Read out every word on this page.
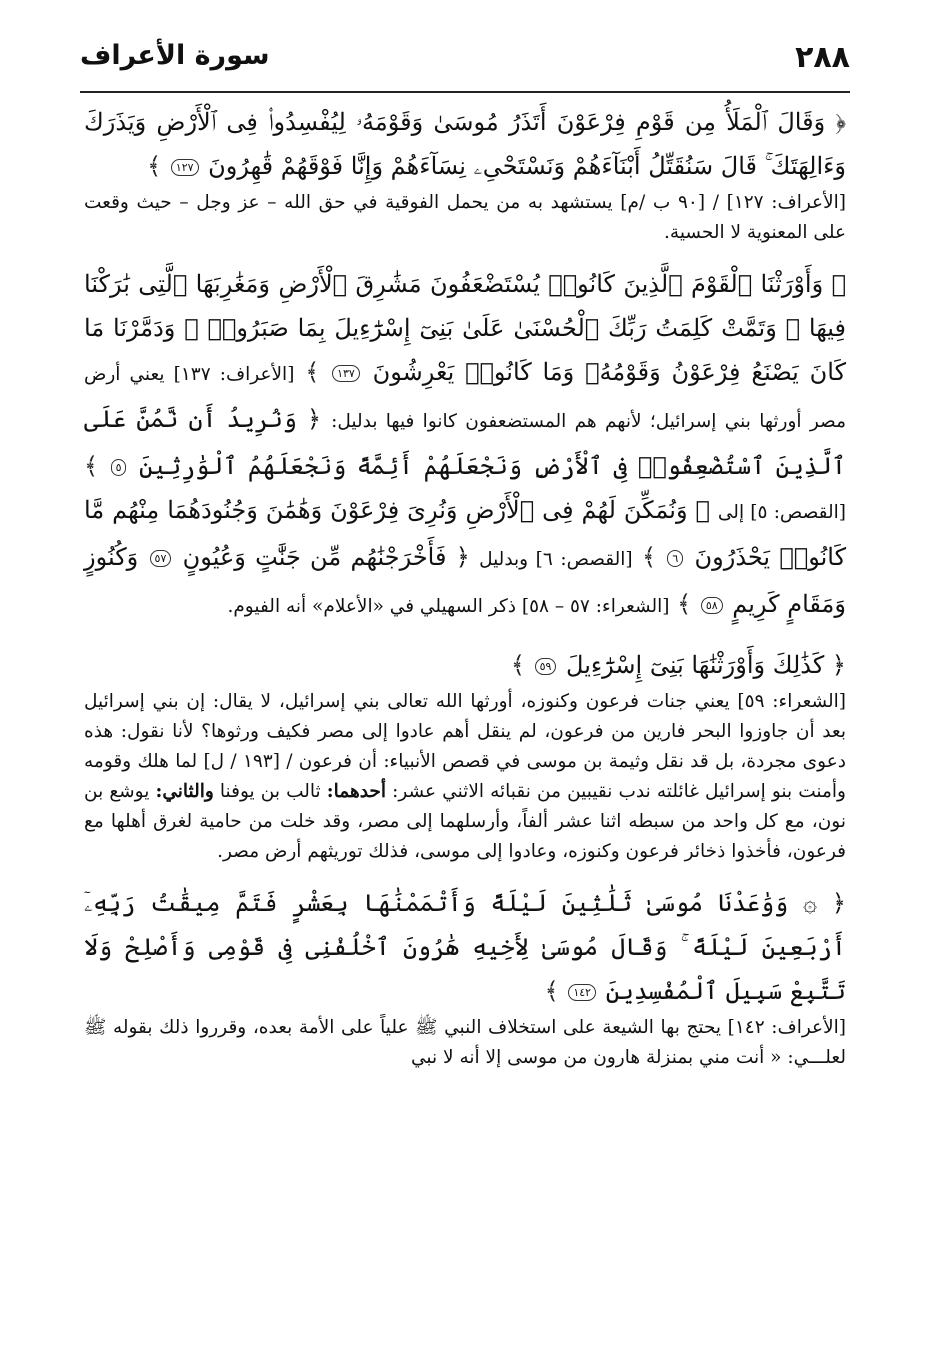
٢٨٨
سورة الأعراف

﴿ وَقَالَ ٱلْمَلَأُ مِن قَوْمِ فِرْعَوْنَ أَتَذَرُ مُوسَىٰ وَقَوْمَهُۥ لِيُفْسِدُوا۟ فِى ٱلْأَرْضِ وَيَذَرَكَ وَءَالِهَتَكَ ۚ قَالَ سَنُقَتِّلُ أَبْنَآءَهُمْ وَنَسْتَحْىِۦ نِسَآءَهُمْ وَإِنَّا فَوْقَهُمْ قَٰهِرُونَ ١٢٧ ﴾

[الأعراف: ١٢٧] / [٩٠ ب /م] يستشهد به من يحمل الفوقية في حق الله – عز وجل – حيث وقعت على المعنوية لا الحسية.

﴿ وَأَوْرَثْنَا ٱلْقَوْمَ ٱلَّذِينَ كَانُوا۟ يُسْتَضْعَفُونَ مَشَٰرِقَ ٱلْأَرْضِ وَمَغَٰرِبَهَا ٱلَّتِى بَٰرَكْنَا فِيهَا ۖ وَتَمَّتْ كَلِمَتُ رَبِّكَ ٱلْحُسْنَىٰ عَلَىٰ بَنِىٓ إِسْرَٰٓءِيلَ بِمَا صَبَرُوا۟ ۖ وَدَمَّرْنَا مَا كَانَ يَصْنَعُ فِرْعَوْنُ وَقَوْمُهُۥ وَمَا كَانُوا۟ يَعْرِشُونَ ١٣٧ ﴾ [الأعراف: ١٣٧] يعني أرض مصر أورثها بني إسرائيل؛ لأنهم هم المستضعفون كانوا فيها بدليل: ﴿ وَنُرِيدُ أَن نَّمُنَّ عَلَى ٱلَّذِينَ ٱسْتُضْعِفُوا۟ فِى ٱلْأَرْضِ وَنَجْعَلَهُمْ أَئِمَّةً وَنَجْعَلَهُمُ ٱلْوَٰرِثِينَ ٥ ﴾ [القصص: ٥] إلى ﴿ وَنُمَكِّنَ لَهُمْ فِى ٱلْأَرْضِ وَنُرِىَ فِرْعَوْنَ وَهَٰمَٰنَ وَجُنُودَهُمَا مِنْهُم مَّا كَانُوا۟ يَحْذَرُونَ ٦ ﴾ [القصص: ٦] وبدليل ﴿ فَأَخْرَجْنَٰهُم مِّن جَنَّٰتٍ وَعُيُونٍ ٥٧ وَكُنُوزٍ وَمَقَامٍ كَرِيمٍ ٥٨ ﴾ [الشعراء: ٥٧ – ٥٨] ذكر السهيلي في «الأعلام» أنه الفيوم.

﴿ كَذَٰلِكَ وَأَوْرَثْنَٰهَا بَنِىٓ إِسْرَٰٓءِيلَ ٥٩ ﴾

[الشعراء: ٥٩] يعني جنات فرعون وكنوزه، أورثها الله تعالى بني إسرائيل، لا يقال: إن بني إسرائيل بعد أن جاوزوا البحر فارين من فرعون، لم ينقل أهم عادوا إلى مصر فكيف ورثوها؟ لأنا نقول: هذه دعوى مجردة، بل قد نقل وثيمة بن موسى في قصص الأنبياء: أن فرعون / [١٩٣ / ل] لما هلك وقومه وأمنت بنو إسرائيل غائلته ندب نقيبين من نقبائه الاثني عشر: أحدهما: ثالب بن يوفنا والثاني: يوشع بن نون، مع كل واحد من سبطه اثنا عشر ألفاً، وأرسلهما إلى مصر، وقد خلت من حامية لغرق أهلها مع فرعون، فأخذوا ذخائر فرعون وكنوزه، وعادوا إلى موسى، فذلك توريثهم أرض مصر.

﴿ ۞ وَوَٰعَدْنَا مُوسَىٰ ثَلَٰثِينَ لَيْلَةً وَأَتْمَمْنَٰهَا بِعَشْرٍ فَتَمَّ مِيقَٰتُ رَبِّهِۦٓ أَرْبَعِينَ لَيْلَةً ۚ وَقَالَ مُوسَىٰ لِأَخِيهِ هَٰرُونَ ٱخْلُفْنِى فِى قَوْمِى وَأَصْلِحْ وَلَا تَتَّبِعْ سَبِيلَ ٱلْمُفْسِدِينَ ١٤٢ ﴾

[الأعراف: ١٤٢] يحتج بها الشيعة على استخلاف النبي ﷺ علياً على الأمة بعده، وقرروا ذلك بقوله ﷺ لعلـــي: « أنت مني بمنزلة هارون من موسى إلا أنه لا نبي
